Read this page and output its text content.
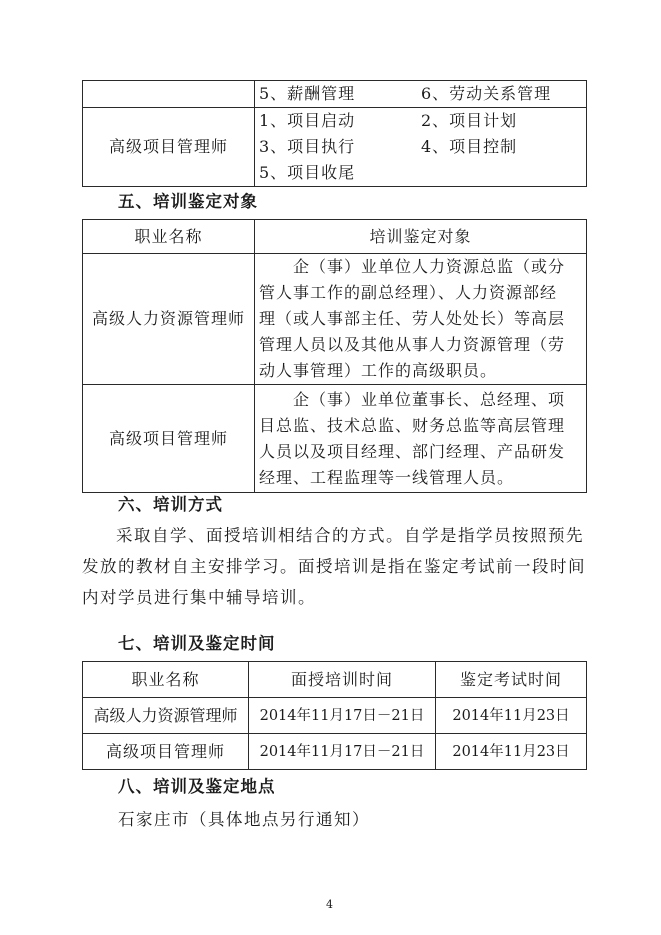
	5、薪酬管理 6、劳动关系管理

高级项目管理师	1、项目启动 2、项目计划
3、项目执行 4、项目控制
5、项目收尾
五、培训鉴定对象
职业名称	培训鉴定对象
高级人力资源管理师	企（事）业单位人力资源总监（或分
管人事工作的副总经理）、人力资源部经
理（或人事部主任、劳人处处长）等高层
管理人员以及其他从事人力资源管理（劳
动人事管理）工作的高级职员。

高级项目管理师	企（事）业单位董事长、总经理、项
目总监、技术总监、财务总监等高层管理
人员以及项目经理、部门经理、产品研发
经理、工程监理等一线管理人员。
六、培训方式
采取自学、面授培训相结合的方式。自学是指学员按照预先
发放的教材自主安排学习。面授培训是指在鉴定考试前一段时间
内对学员进行集中辅导培训。
七、培训及鉴定时间
职业名称	面授培训时间	鉴定考试时间
高级人力资源管理师	2014年11月17日－21日	2014年11月23日
高级项目管理师	2014年11月17日－21日	2014年11月23日
八、培训及鉴定地点
石家庄市（具体地点另行通知）
4
